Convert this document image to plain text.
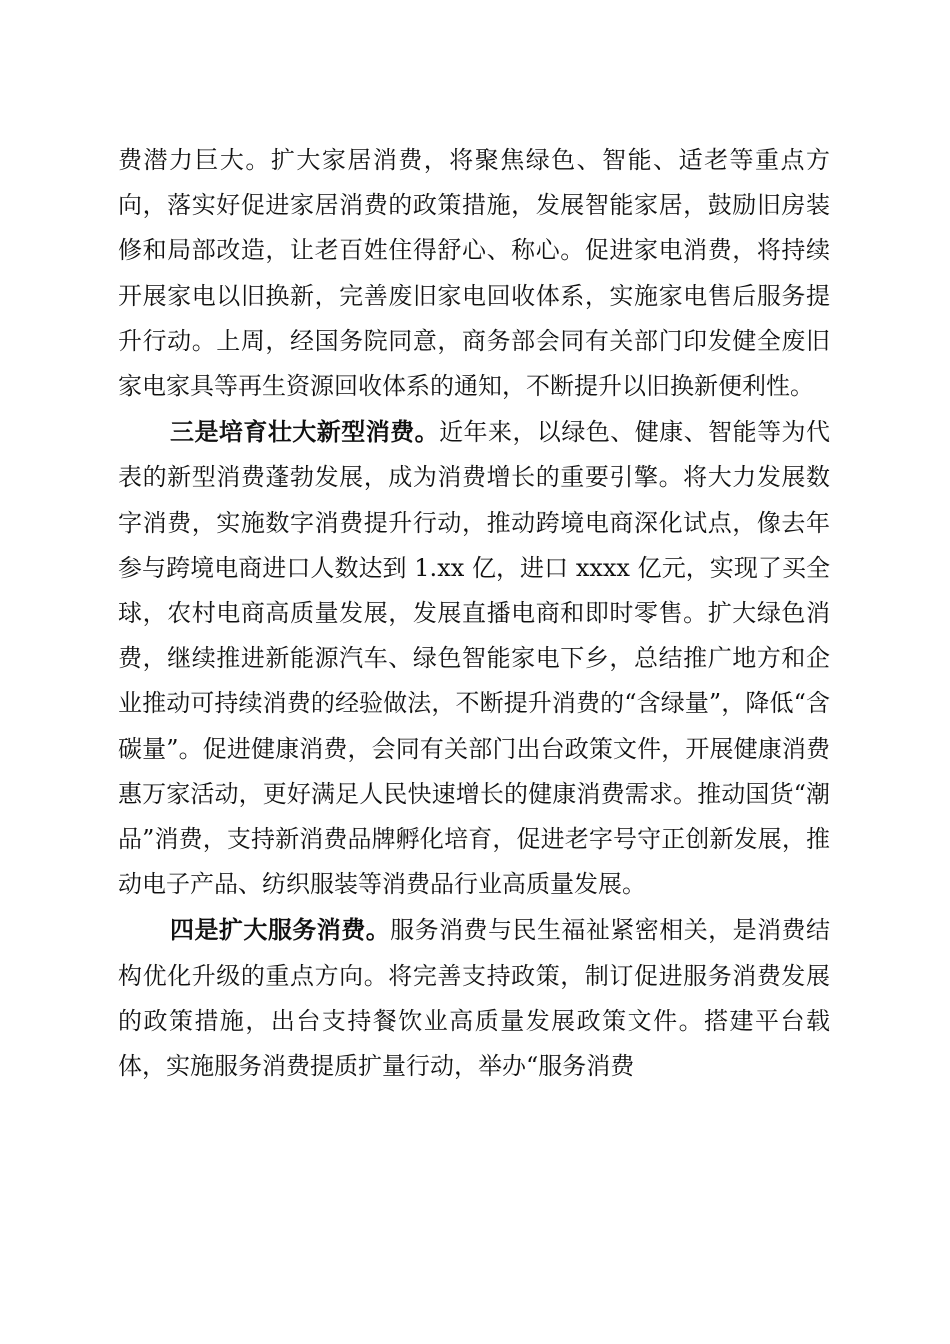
费潜力巨大。扩大家居消费，将聚焦绿色、智能、适老等重点方向，落实好促进家居消费的政策措施，发展智能家居，鼓励旧房装修和局部改造，让老百姓住得舒心、称心。促进家电消费，将持续开展家电以旧换新，完善废旧家电回收体系，实施家电售后服务提升行动。上周，经国务院同意，商务部会同有关部门印发健全废旧家电家具等再生资源回收体系的通知，不断提升以旧换新便利性。

三是培育壮大新型消费。近年来，以绿色、健康、智能等为代表的新型消费蓬勃发展，成为消费增长的重要引擎。将大力发展数字消费，实施数字消费提升行动，推动跨境电商深化试点，像去年参与跨境电商进口人数达到 1.xx 亿，进口 xxxx 亿元，实现了买全球，农村电商高质量发展，发展直播电商和即时零售。扩大绿色消费，继续推进新能源汽车、绿色智能家电下乡，总结推广地方和企业推动可持续消费的经验做法，不断提升消费的“含绿量”，降低“含碳量”。促进健康消费，会同有关部门出台政策文件，开展健康消费惠万家活动，更好满足人民快速增长的健康消费需求。推动国货“潮品”消费，支持新消费品牌孵化培育，促进老字号守正创新发展，推动电子产品、纺织服装等消费品行业高质量发展。

四是扩大服务消费。服务消费与民生福祉紧密相关，是消费结构优化升级的重点方向。将完善支持政策，制订促进服务消费发展的政策措施，出台支持餐饮业高质量发展政策文件。搭建平台载体，实施服务消费提质扩量行动，举办“服务消费
